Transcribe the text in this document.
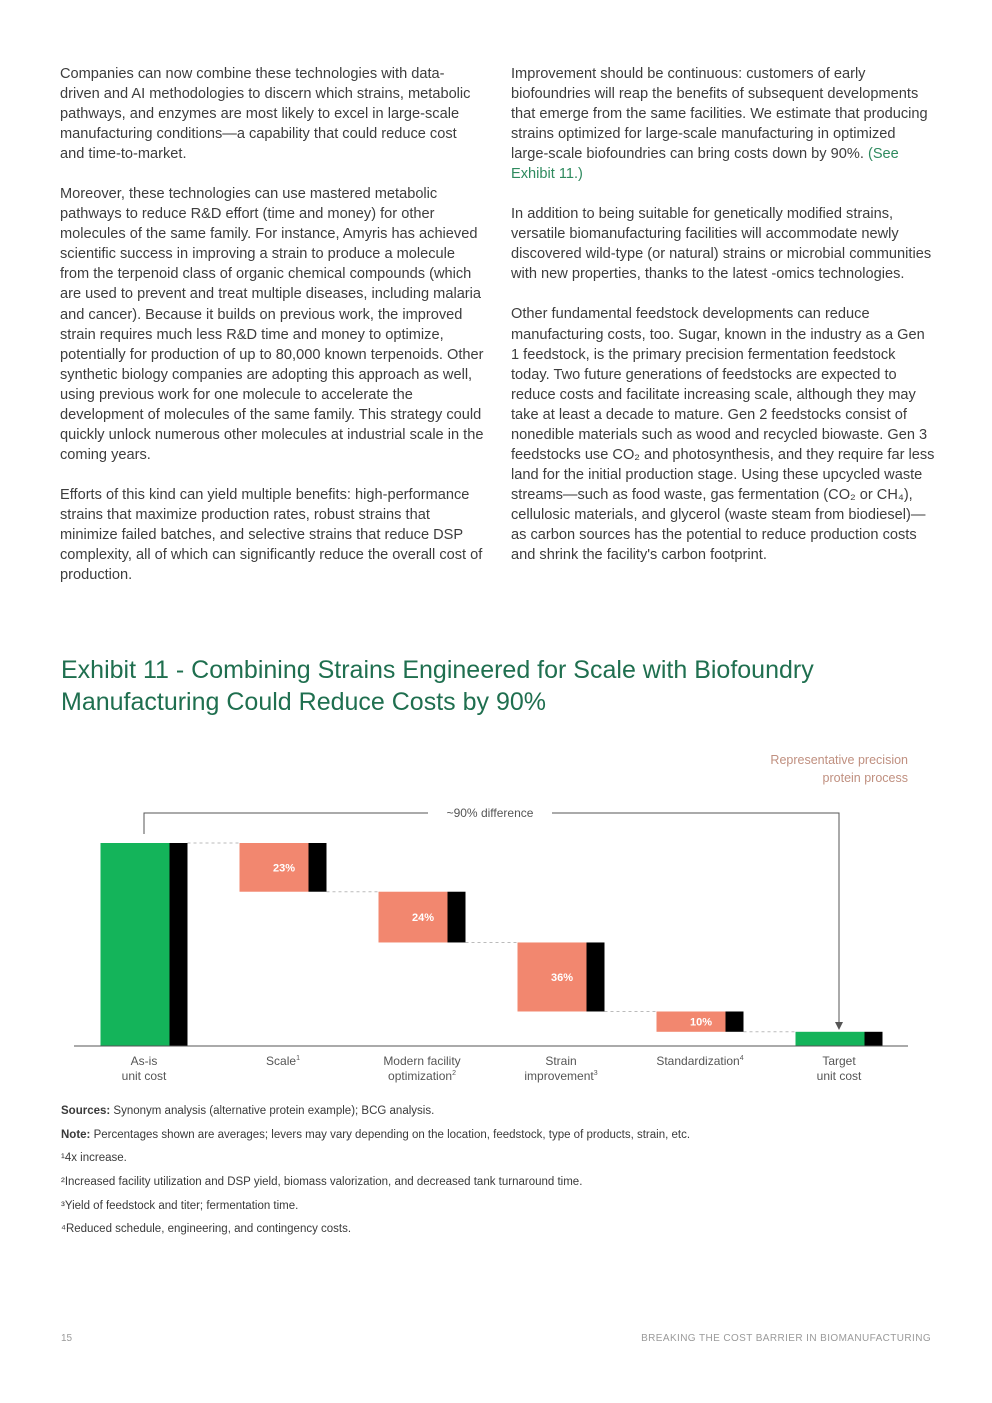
Companies can now combine these technologies with data-driven and AI methodologies to discern which strains, metabolic pathways, and enzymes are most likely to excel in large-scale manufacturing conditions—a capability that could reduce cost and time-to-market.

Moreover, these technologies can use mastered metabolic pathways to reduce R&D effort (time and money) for other molecules of the same family. For instance, Amyris has achieved scientific success in improving a strain to produce a molecule from the terpenoid class of organic chemical compounds (which are used to prevent and treat multiple diseases, including malaria and cancer). Because it builds on previous work, the improved strain requires much less R&D time and money to optimize, potentially for production of up to 80,000 known terpenoids. Other synthetic biology companies are adopting this approach as well, using previous work for one molecule to accelerate the development of molecules of the same family. This strategy could quickly unlock numerous other molecules at industrial scale in the coming years.

Efforts of this kind can yield multiple benefits: high-performance strains that maximize production rates, robust strains that minimize failed batches, and selective strains that reduce DSP complexity, all of which can significantly reduce the overall cost of production.

Improvement should be continuous: customers of early biofoundries will reap the benefits of subsequent developments that emerge from the same facilities. We estimate that producing strains optimized for large-scale manufacturing in optimized large-scale biofoundries can bring costs down by 90%. (See Exhibit 11.)

In addition to being suitable for genetically modified strains, versatile biomanufacturing facilities will accommodate newly discovered wild-type (or natural) strains or microbial communities with new properties, thanks to the latest -omics technologies.

Other fundamental feedstock developments can reduce manufacturing costs, too. Sugar, known in the industry as a Gen 1 feedstock, is the primary precision fermentation feedstock today. Two future generations of feedstocks are expected to reduce costs and facilitate increasing scale, although they may take at least a decade to mature. Gen 2 feedstocks consist of nonedible materials such as wood and recycled biowaste. Gen 3 feedstocks use CO₂ and photosynthesis, and they require far less land for the initial production stage. Using these upcycled waste streams—such as food waste, gas fermentation (CO₂ or CH₄), cellulosic materials, and glycerol (waste steam from biodiesel)— as carbon sources has the potential to reduce production costs and shrink the facility's carbon footprint.

Exhibit 11 - Combining Strains Engineered for Scale with Biofoundry Manufacturing Could Reduce Costs by 90%
Representative precision
protein process
~90% difference
23%
24%
36%
10%
As-is
unit cost
Scale$^1$	Modern facility
optimization$^2$
Strain
improvement$^3$
Standardization$^4$	Target
unit cost
Sources: Synonym analysis (alternative protein example); BCG analysis.
Note: Percentages shown are averages; levers may vary depending on the location, feedstock, type of products, strain, etc.
¹4x increase.
²Increased facility utilization and DSP yield, biomass valorization, and decreased tank turnaround time.
³Yield of feedstock and titer; fermentation time.
⁴Reduced schedule, engineering, and contingency costs.
15	BREAKING THE COST BARRIER IN BIOMANUFACTURING
